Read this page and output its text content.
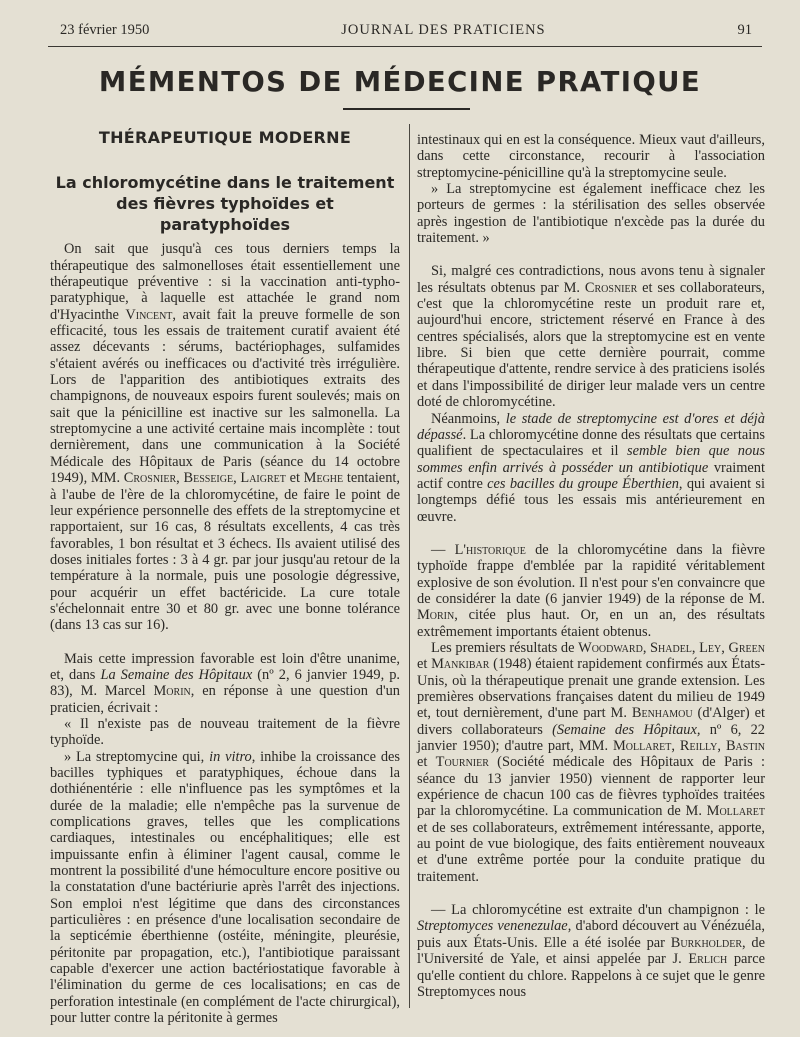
23 février 1950	JOURNAL DES PRATICIENS	91
MÉMENTOS DE MÉDECINE PRATIQUE
THÉRAPEUTIQUE MODERNE
La chloromycétine dans le traitement des fièvres typhoïdes et paratyphoïdes

On sait que jusqu'à ces tous derniers temps la thérapeutique des salmonelloses était essentiellement une thérapeutique préventive : si la vaccination anti-typho-paratyphique, à laquelle est attachée le grand nom d'Hyacinthe Vincent, avait fait la preuve formelle de son efficacité, tous les essais de traitement curatif avaient été assez décevants : sérums, bactériophages, sulfamides s'étaient avérés ou inefficaces ou d'activité très irrégulière. Lors de l'apparition des antibiotiques extraits des champignons, de nouveaux espoirs furent soulevés; mais on sait que la pénicilline est inactive sur les salmonella. La streptomycine a une activité certaine mais incomplète : tout dernièrement, dans une communication à la Société Médicale des Hôpitaux de Paris (séance du 14 octobre 1949), MM. Crosnier, Besseige, Laigret et Meghe tentaient, à l'aube de l'ère de la chloromycétine, de faire le point de leur expérience personnelle des effets de la streptomycine et rapportaient, sur 16 cas, 8 résultats excellents, 4 cas très favorables, 1 bon résultat et 3 échecs. Ils avaient utilisé des doses initiales fortes : 3 à 4 gr. par jour jusqu'au retour de la température à la normale, puis une posologie dégressive, pour acquérir un effet bactéricide. La cure totale s'échelonnait entre 30 et 80 gr. avec une bonne tolérance (dans 13 cas sur 16).

Mais cette impression favorable est loin d'être unanime, et, dans La Semaine des Hôpitaux (nº 2, 6 janvier 1949, p. 83), M. Marcel Morin, en réponse à une question d'un praticien, écrivait :

« Il n'existe pas de nouveau traitement de la fièvre typhoïde.

» La streptomycine qui, in vitro, inhibe la croissance des bacilles typhiques et paratyphiques, échoue dans la dothiénentérie : elle n'influence pas les symptômes et la durée de la maladie; elle n'empêche pas la survenue de complications graves, telles que les complications cardiaques, intestinales ou encéphalitiques; elle est impuissante enfin à éliminer l'agent causal, comme le montrent la possibilité d'une hémoculture encore positive ou la constatation d'une bactériurie après l'arrêt des injections. Son emploi n'est légitime que dans des circonstances particulières : en présence d'une localisation secondaire de la septicémie éberthienne (ostéite, méningite, pleurésie, péritonite par propagation, etc.), l'antibiotique paraissant capable d'exercer une action bactériostatique favorable à l'élimination du germe de ces localisations; en cas de perforation intestinale (en complément de l'acte chirurgical), pour lutter contre la péritonite à germes

intestinaux qui en est la conséquence. Mieux vaut d'ailleurs, dans cette circonstance, recourir à l'association streptomycine-pénicilline qu'à la streptomycine seule.

» La streptomycine est également inefficace chez les porteurs de germes : la stérilisation des selles observée après ingestion de l'antibiotique n'excède pas la durée du traitement. »

Si, malgré ces contradictions, nous avons tenu à signaler les résultats obtenus par M. Crosnier et ses collaborateurs, c'est que la chloromycétine reste un produit rare et, aujourd'hui encore, strictement réservé en France à des centres spécialisés, alors que la streptomycine est en vente libre. Si bien que cette dernière pourrait, comme thérapeutique d'attente, rendre service à des praticiens isolés et dans l'impossibilité de diriger leur malade vers un centre doté de chloromycétine.

Néanmoins, le stade de streptomycine est d'ores et déjà dépassé. La chloromycétine donne des résultats que certains qualifient de spectaculaires et il semble bien que nous sommes enfin arrivés à posséder un antibiotique vraiment actif contre ces bacilles du groupe Éberthien, qui avaient si longtemps défié tous les essais mis antérieurement en œuvre.

— L'historique de la chloromycétine dans la fièvre typhoïde frappe d'emblée par la rapidité véritablement explosive de son évolution. Il n'est pour s'en convaincre que de considérer la date (6 janvier 1949) de la réponse de M. Morin, citée plus haut. Or, en un an, des résultats extrêmement importants étaient obtenus.

Les premiers résultats de Woodward, Shadel, Ley, Green et Mankibar (1948) étaient rapidement confirmés aux États-Unis, où la thérapeutique prenait une grande extension. Les premières observations françaises datent du milieu de 1949 et, tout dernièrement, d'une part M. Benhamou (d'Alger) et divers collaborateurs (Semaine des Hôpitaux, nº 6, 22 janvier 1950); d'autre part, MM. Mollaret, Reilly, Bastin et Tournier (Société médicale des Hôpitaux de Paris : séance du 13 janvier 1950) viennent de rapporter leur expérience de chacun 100 cas de fièvres typhoïdes traitées par la chloromycétine. La communication de M. Mollaret et de ses collaborateurs, extrêmement intéressante, apporte, au point de vue biologique, des faits entièrement nouveaux et d'une extrême portée pour la conduite pratique du traitement.

— La chloromycétine est extraite d'un champignon : le Streptomyces venenezulae, d'abord découvert au Vénézuéla, puis aux États-Unis. Elle a été isolée par Burkholder, de l'Université de Yale, et ainsi appelée par J. Erlich parce qu'elle contient du chlore. Rappelons à ce sujet que le genre Streptomyces nous
